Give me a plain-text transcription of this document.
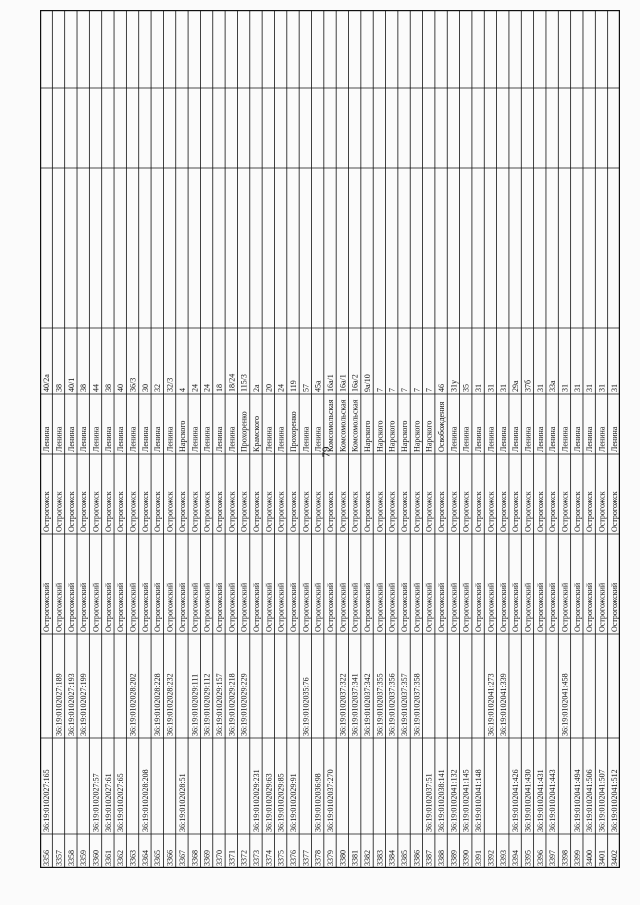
79
3356
36:19:0102027:165
Острогожский
Острогожск
Ленина
40/2а
3357
36:19:0102027:189
Острогожский
Острогожск
Ленина
38
3358
36:19:0102027:193
Острогожский
Острогожск
Ленина
40/1
3359
36:19:0102027:199
Острогожский
Острогожск
Ленина
38
3360
36:19:0102027:57
Острогожский
Острогожск
Ленина
44
3361
36:19:0102027:61
Острогожский
Острогожск
Ленина
38
3362
36:19:0102027:65
Острогожский
Острогожск
Ленина
40
3363
36:19:0102028:202
Острогожский
Острогожск
Ленина
36/3
3364
36:19:0102028:208
Острогожский
Острогожск
Ленина
30
3365
36:19:0102028:228
Острогожский
Острогожск
Ленина
32
3366
36:19:0102028:232
Острогожский
Острогожск
Ленина
32/3
3367
36:19:0102028:51
Острогожский
Острогожск
Нарского
4
3368
36:19:0102029:111
Острогожский
Острогожск
Ленина
24
3369
36:19:0102029:112
Острогожский
Острогожск
Ленина
24
3370
36:19:0102029:157
Острогожский
Острогожск
Ленина
18
3371
36:19:0102029:218
Острогожский
Острогожск
Ленина
18/24
3372
36:19:0102029:229
Острогожский
Острогожск
Прохоренко
115/3
3373
36:19:0102029:231
Острогожский
Острогожск
Крамского
2а
3374
36:19:0102029:63
Острогожский
Острогожск
Ленина
20
3375
36:19:0102029:85
Острогожский
Острогожск
Ленина
24
3376
36:19:0102029:91
Острогожский
Острогожск
Прохоренко
119
3377
36:19:0102035:76
Острогожский
Острогожск
Ленина
57
3378
36:19:0102036:98
Острогожский
Острогожск
Ленина
45а
3379
36:19:0102037:270
Острогожский
Острогожск
Комсомольская
16а/1
3380
36:19:0102037:322
Острогожский
Острогожск
Комсомольская
16а/1
3381
36:19:0102037:341
Острогожский
Острогожск
Комсомольская
16а/2
3382
36:19:0102037:342
Острогожский
Острогожск
Нарского
9а/10
3383
36:19:0102037:355
Острогожский
Острогожск
Нарского
7
3384
36:19:0102037:356
Острогожский
Острогожск
Нарского
7
3385
36:19:0102037:357
Острогожский
Острогожск
Нарского
7
3386
36:19:0102037:358
Острогожский
Острогожск
Нарского
7
3387
36:19:0102037:51
Острогожский
Острогожск
Нарского
7
3388
36:19:0102038:141
Острогожский
Острогожск
Освобождения
46
3389
36:19:0102041:132
Острогожский
Острогожск
Ленина
31у
3390
36:19:0102041:145
Острогожский
Острогожск
Ленина
35
3391
36:19:0102041:148
Острогожский
Острогожск
Ленина
31
3392
36:19:0102041:273
Острогожский
Острогожск
Ленина
31
3393
36:19:0102041:339
Острогожский
Острогожск
Ленина
31
3394
36:19:0102041:426
Острогожский
Острогожск
Ленина
29а
3395
36:19:0102041:430
Острогожский
Острогожск
Ленина
37б
3396
36:19:0102041:431
Острогожский
Острогожск
Ленина
31
3397
36:19:0102041:443
Острогожский
Острогожск
Ленина
33а
3398
36:19:0102041:458
Острогожский
Острогожск
Ленина
31
3399
36:19:0102041:494
Острогожский
Острогожск
Ленина
31
3400
36:19:0102041:506
Острогожский
Острогожск
Ленина
31
3401
36:19:0102041:507
Острогожский
Острогожск
Ленина
31
3402
36:19:0102041:512
Острогожский
Острогожск
Ленина
31
